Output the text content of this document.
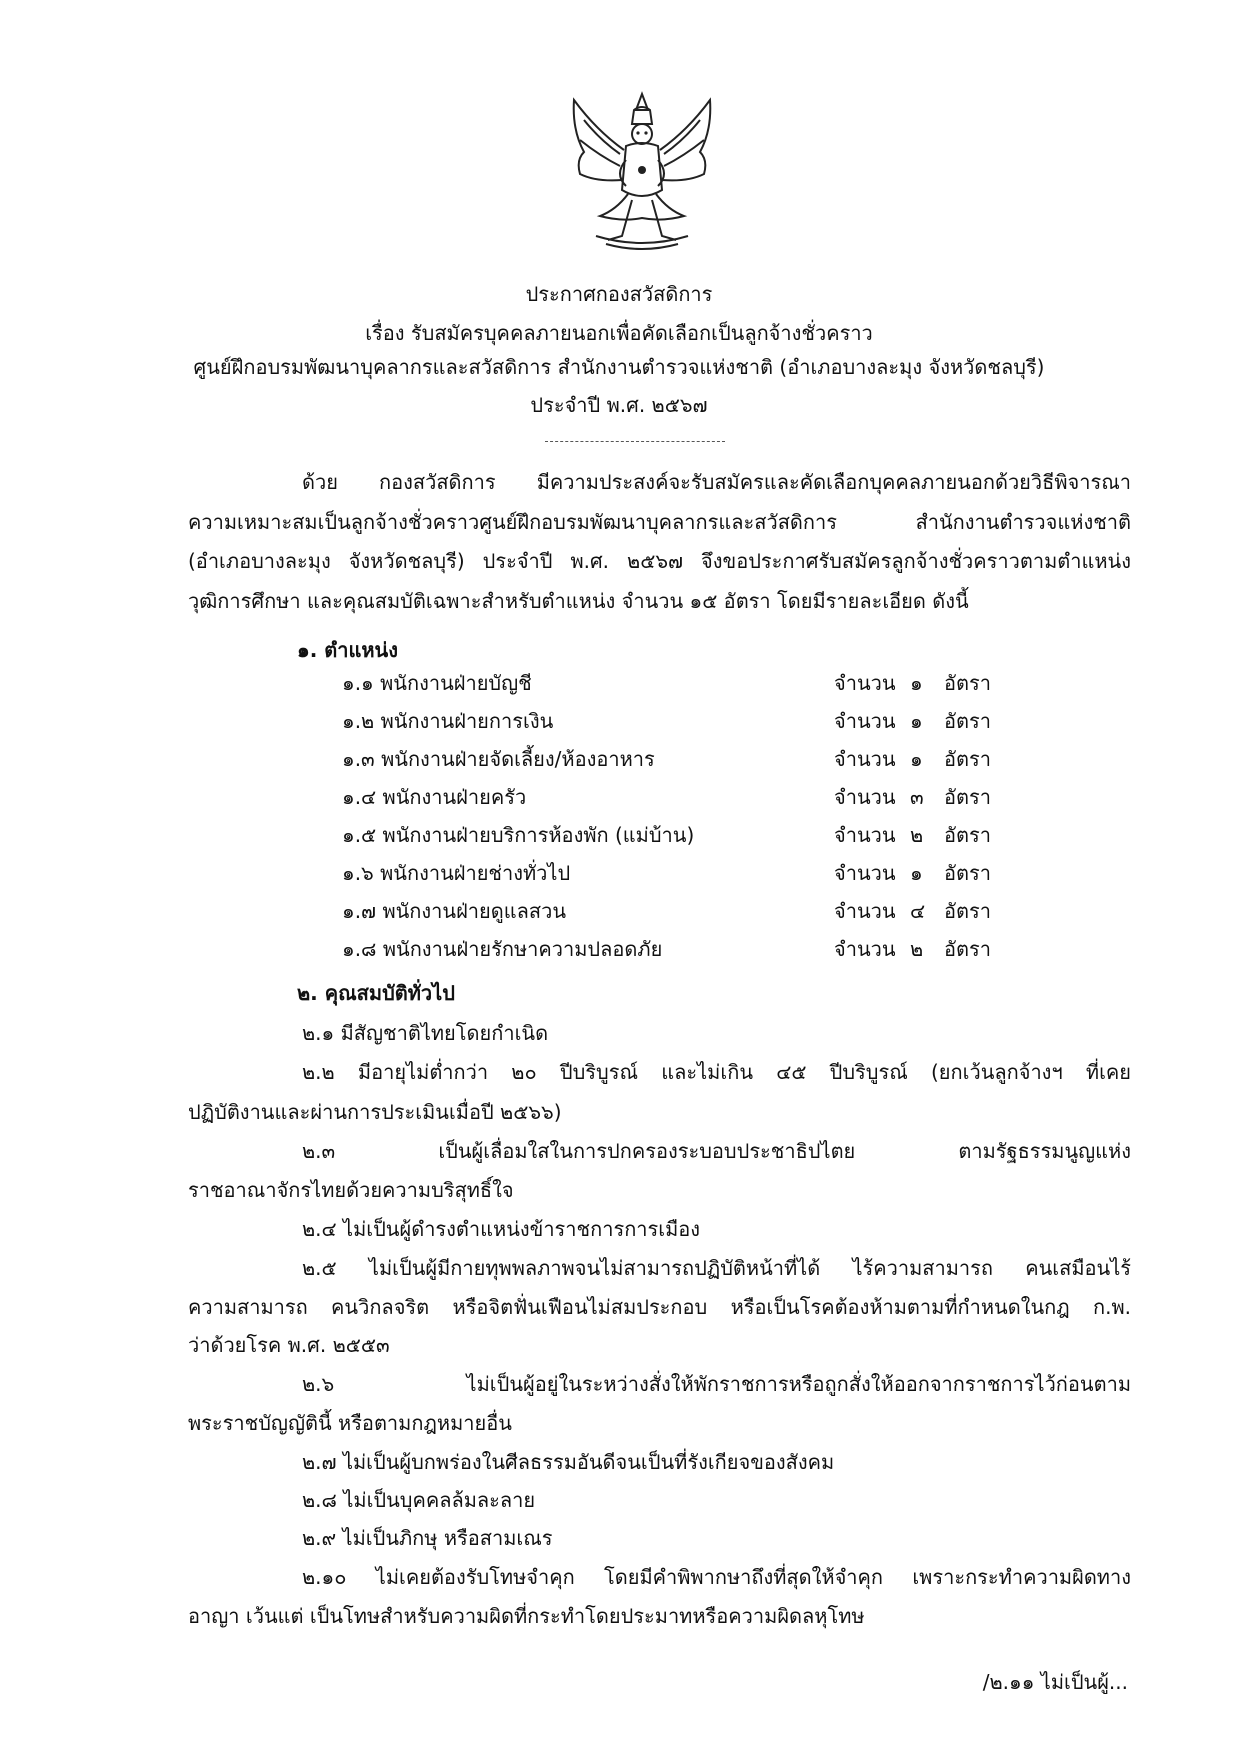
ประกาศกองสวัสดิการ
เรื่อง รับสมัครบุคคลภายนอกเพื่อคัดเลือกเป็นลูกจ้างชั่วคราว
ศูนย์ฝึกอบรมพัฒนาบุคลากรและสวัสดิการ สำนักงานตำรวจแห่งชาติ (อำเภอบางละมุง จังหวัดชลบุรี)
ประจำปี พ.ศ. ๒๕๖๗
ด้วย กองสวัสดิการ มีความประสงค์จะรับสมัครและคัดเลือกบุคคลภายนอกด้วยวิธีพิจารณา
ความเหมาะสมเป็นลูกจ้างชั่วคราวศูนย์ฝึกอบรมพัฒนาบุคลากรและสวัสดิการ สำนักงานตำรวจแห่งชาติ
(อำเภอบางละมุง จังหวัดชลบุรี) ประจำปี พ.ศ. ๒๕๖๗ จึงขอประกาศรับสมัครลูกจ้างชั่วคราวตามตำแหน่ง
วุฒิการศึกษา และคุณสมบัติเฉพาะสำหรับตำแหน่ง จำนวน ๑๕ อัตรา โดยมีรายละเอียด ดังนี้
๑. ตำแหน่ง
๑.๑ พนักงานฝ่ายบัญชี	จำนวน ๑ อัตรา
๑.๒ พนักงานฝ่ายการเงิน	จำนวน ๑ อัตรา
๑.๓ พนักงานฝ่ายจัดเลี้ยง/ห้องอาหาร	จำนวน ๑ อัตรา
๑.๔ พนักงานฝ่ายครัว	จำนวน ๓ อัตรา
๑.๕ พนักงานฝ่ายบริการห้องพัก (แม่บ้าน)	จำนวน ๒ อัตรา
๑.๖ พนักงานฝ่ายช่างทั่วไป	จำนวน ๑ อัตรา
๑.๗ พนักงานฝ่ายดูแลสวน	จำนวน ๔ อัตรา
๑.๘ พนักงานฝ่ายรักษาความปลอดภัย	จำนวน ๒ อัตรา
๒. คุณสมบัติทั่วไป
๒.๑ มีสัญชาติไทยโดยกำเนิด
๒.๒ มีอายุไม่ต่ำกว่า ๒๐ ปีบริบูรณ์ และไม่เกิน ๔๕ ปีบริบูรณ์ (ยกเว้นลูกจ้างฯ ที่เคย
ปฏิบัติงานและผ่านการประเมินเมื่อปี ๒๕๖๖)
๒.๓ เป็นผู้เลื่อมใสในการปกครองระบอบประชาธิปไตย ตามรัฐธรรมนูญแห่ง
ราชอาณาจักรไทยด้วยความบริสุทธิ์ใจ
๒.๔ ไม่เป็นผู้ดำรงตำแหน่งข้าราชการการเมือง
๒.๕ ไม่เป็นผู้มีกายทุพพลภาพจนไม่สามารถปฏิบัติหน้าที่ได้ ไร้ความสามารถ คนเสมือนไร้
ความสามารถ คนวิกลจริต หรือจิตฟั่นเฟือนไม่สมประกอบ หรือเป็นโรคต้องห้ามตามที่กำหนดในกฎ ก.พ.
ว่าด้วยโรค พ.ศ. ๒๕๕๓
๒.๖ ไม่เป็นผู้อยู่ในระหว่างสั่งให้พักราชการหรือถูกสั่งให้ออกจากราชการไว้ก่อนตาม
พระราชบัญญัตินี้ หรือตามกฎหมายอื่น
๒.๗ ไม่เป็นผู้บกพร่องในศีลธรรมอันดีจนเป็นที่รังเกียจของสังคม
๒.๘ ไม่เป็นบุคคลล้มละลาย
๒.๙ ไม่เป็นภิกษุ หรือสามเณร
๒.๑๐ ไม่เคยต้องรับโทษจำคุก โดยมีคำพิพากษาถึงที่สุดให้จำคุก เพราะกระทำความผิดทาง
อาญา เว้นแต่ เป็นโทษสำหรับความผิดที่กระทำโดยประมาทหรือความผิดลหุโทษ
/๒.๑๑ ไม่เป็นผู้...
